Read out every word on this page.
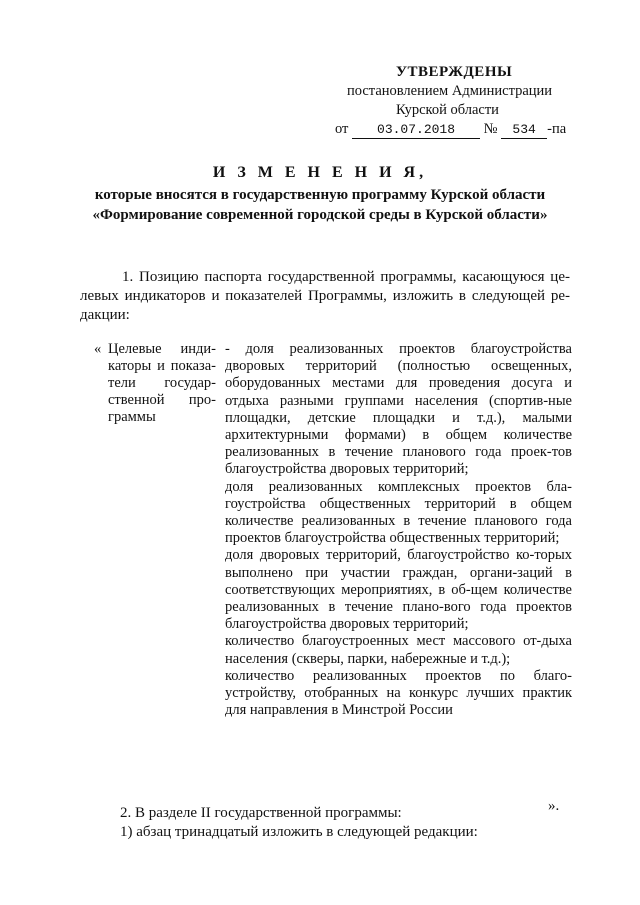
УТВЕРЖДЕНЫ
постановлением Администрации
Курской области
от 03.07.2018 № 534 -па
И З М Е Н Е Н И Я,
которые вносятся в государственную программу Курской области
«Формирование современной городской среды в Курской области»
1. Позицию паспорта государственной программы, касающуюся це-левых индикаторов и показателей Программы, изложить в следующей ре-дакции:
« Целевые инди-каторы и показа-тели государ-ственной про-граммы

- доля реализованных проектов благоустройства дворовых территорий (полностью освещенных, оборудованных местами для проведения досуга и отдыха разными группами населения (спортив-ные площадки, детские площадки и т.д.), малыми архитектурными формами) в общем количестве реализованных в течение планового года проек-тов благоустройства дворовых территорий;

доля реализованных комплексных проектов бла-гоустройства общественных территорий в общем количестве реализованных в течение планового года проектов благоустройства общественных территорий;

доля дворовых территорий, благоустройство ко-торых выполнено при участии граждан, органи-заций в соответствующих мероприятиях, в об-щем количестве реализованных в течение плано-вого года проектов благоустройства дворовых территорий;

количество благоустроенных мест массового от-дыха населения (скверы, парки, набережные и т.д.);

количество реализованных проектов по благо-устройству, отобранных на конкурс лучших практик для направления в Минстрой России

».

2. В разделе II государственной программы:

1) абзац тринадцатый изложить в следующей редакции:
